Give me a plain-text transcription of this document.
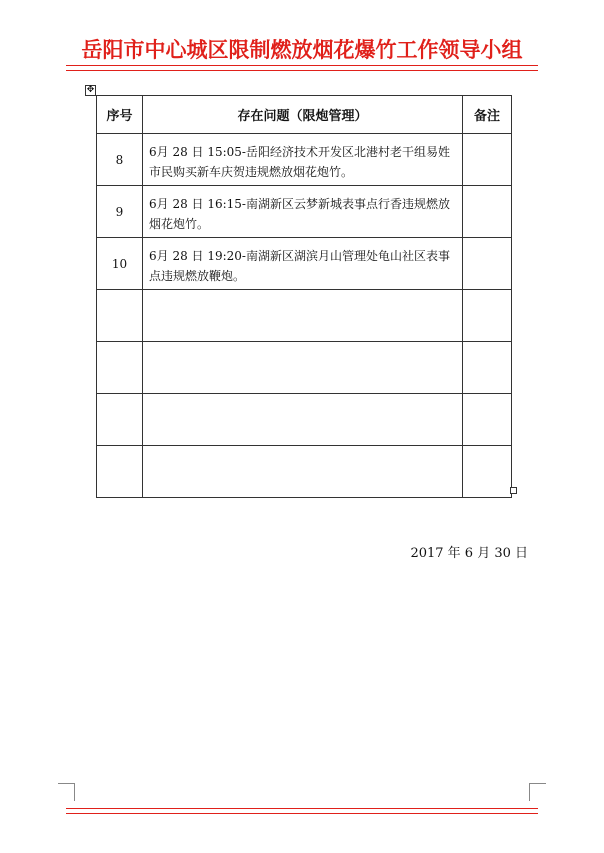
岳阳市中心城区限制燃放烟花爆竹工作领导小组
✥
序号	存在问题（限炮管理）	备注
8	6月 28 日 15:05-岳阳经济技术开发区北港村老干组易姓市民购买新车庆贺违规燃放烟花炮竹。	

9	6月 28 日 16:15-南湖新区云梦新城表事点行香违规燃放烟花炮竹。	

10	6月 28 日 19:20-南湖新区湖滨月山管理处龟山社区表事点违规燃放鞭炮。	

2017 年 6 月 30 日
